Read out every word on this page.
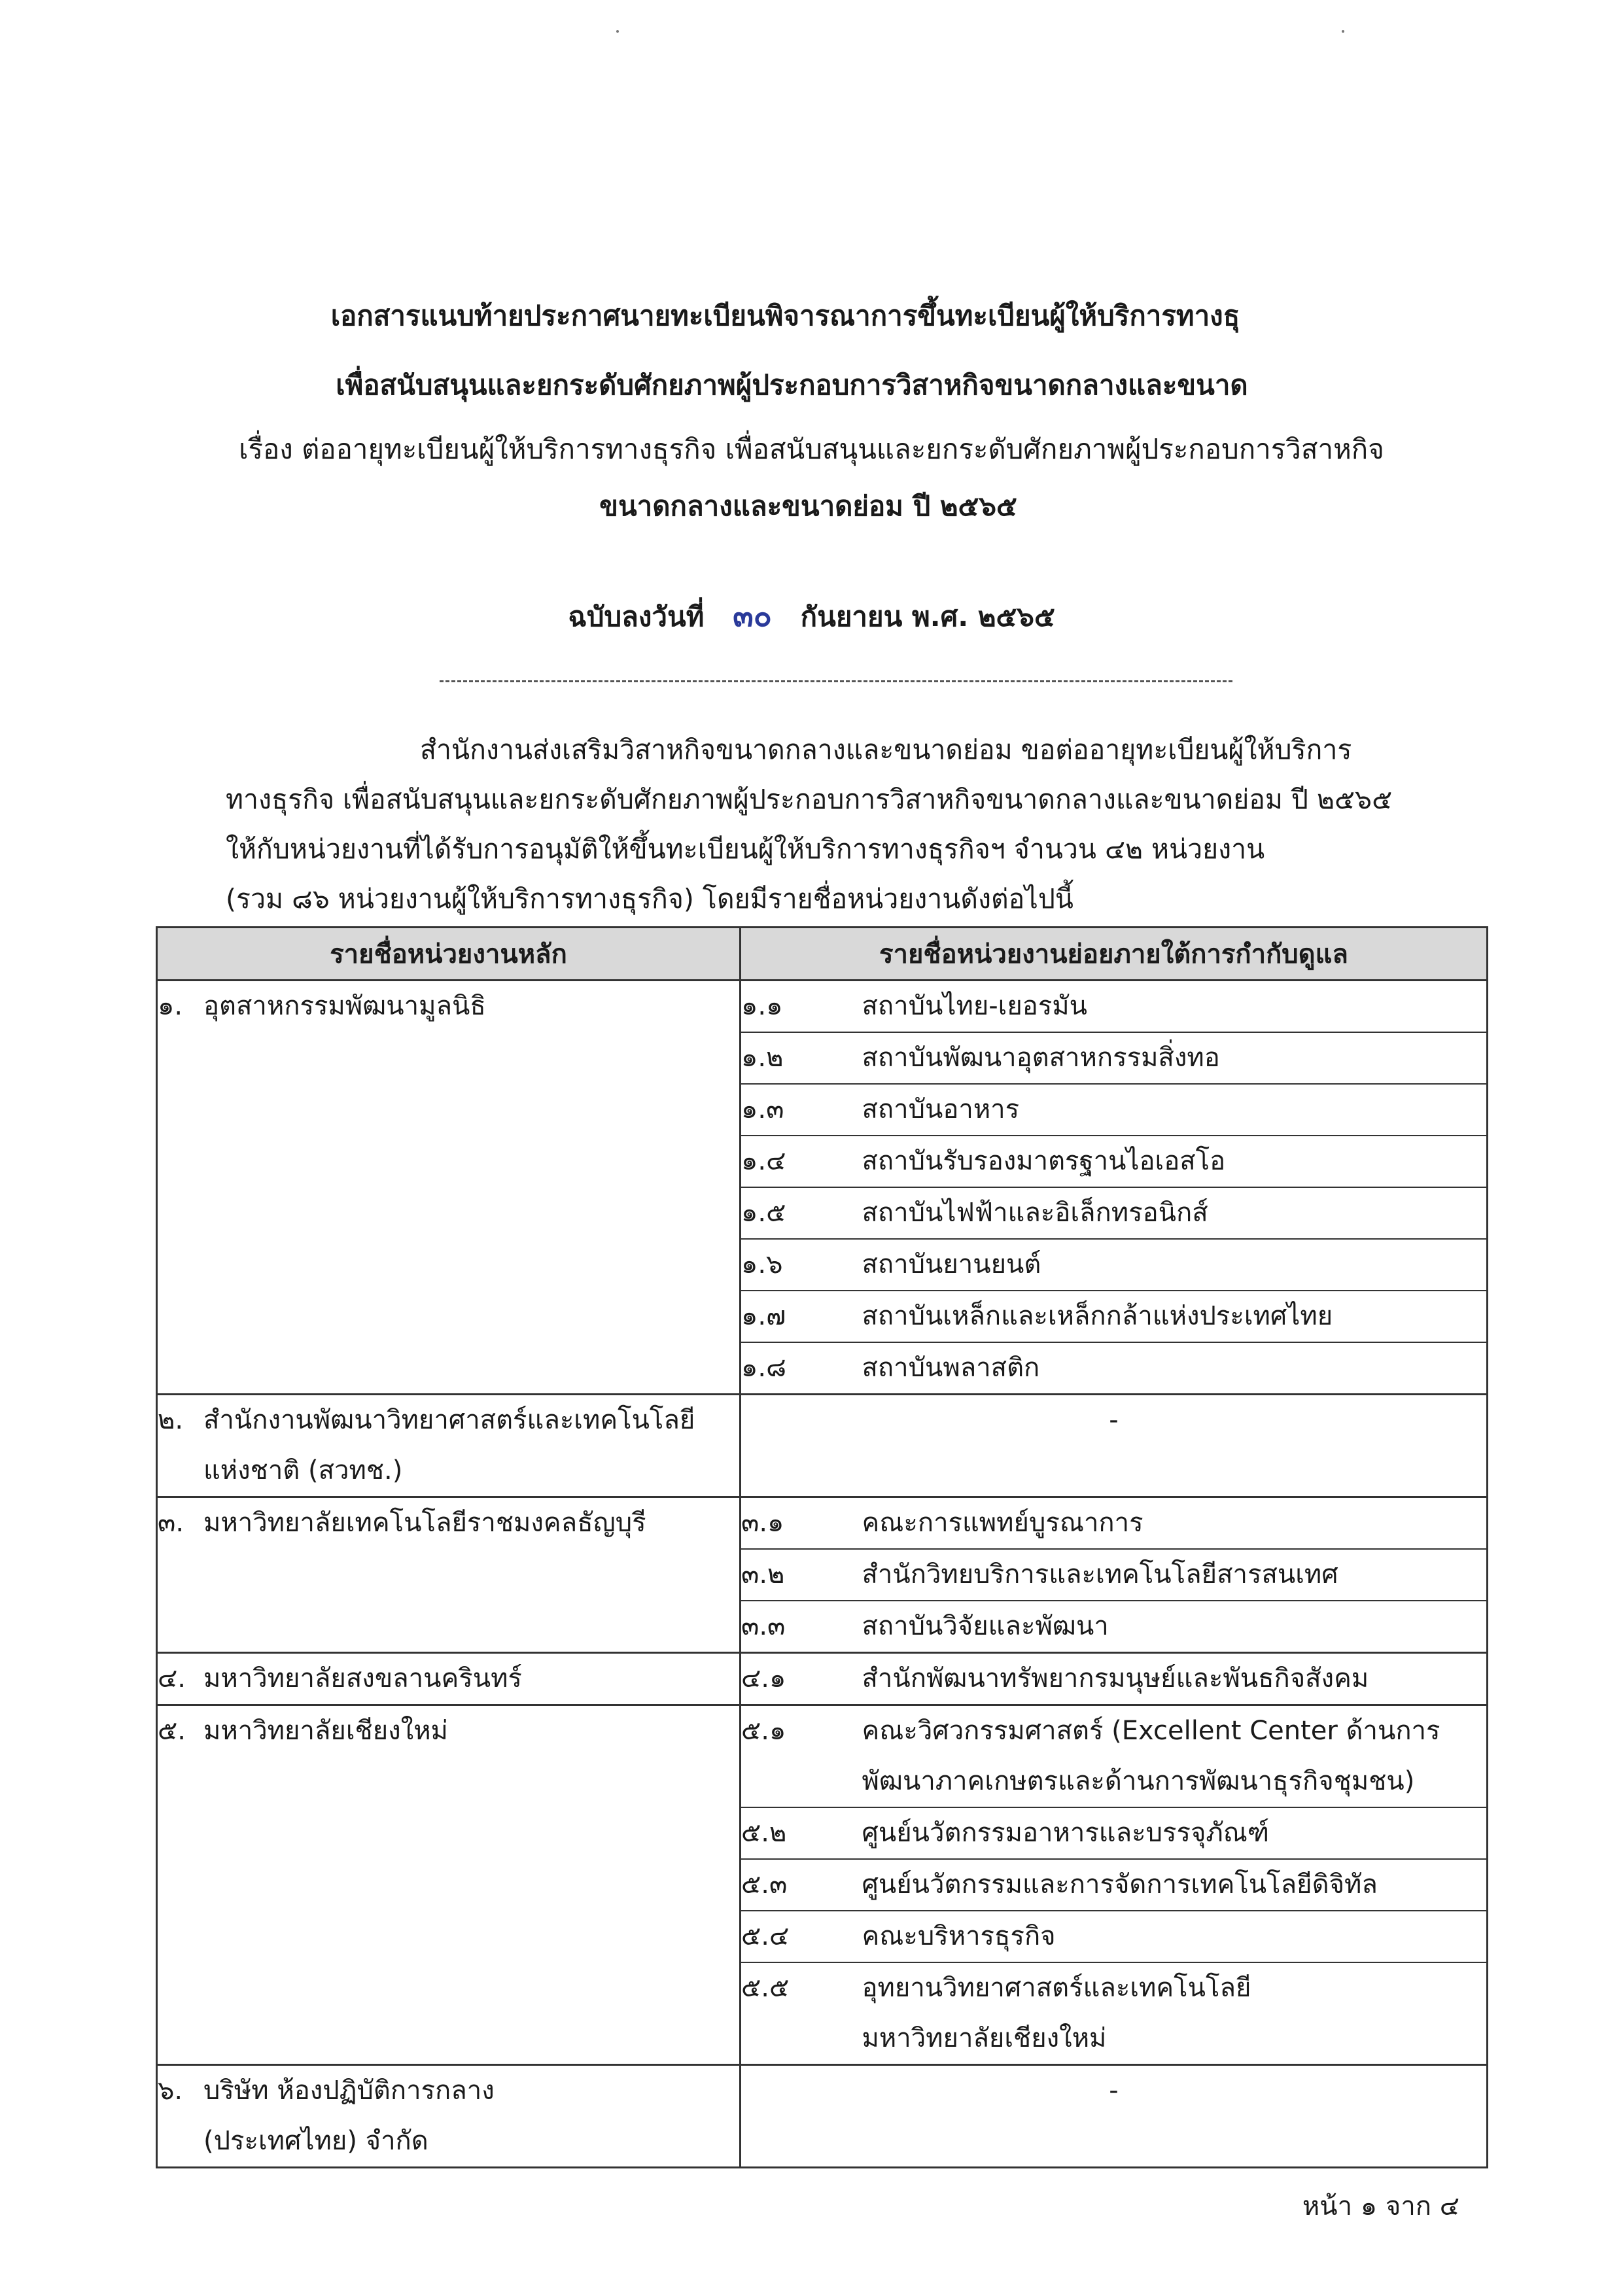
เอกสารแนบท้ายประกาศนายทะเบียนพิจารณาการขึ้นทะเบียนผู้ให้บริการทางธุ
เพื่อสนับสนุนและยกระดับศักยภาพผู้ประกอบการวิสาหกิจขนาดกลางและขนาด
เรื่อง ต่ออายุทะเบียนผู้ให้บริการทางธุรกิจ เพื่อสนับสนุนและยกระดับศักยภาพผู้ประกอบการวิสาหกิจ
ขนาดกลางและขนาดย่อม ปี ๒๕๖๕
ฉบับลงวันที่ ๓๐ กันยายน พ.ศ. ๒๕๖๕
สำนักงานส่งเสริมวิสาหกิจขนาดกลางและขนาดย่อม ขอต่ออายุทะเบียนผู้ให้บริการ
ทางธุรกิจ เพื่อสนับสนุนและยกระดับศักยภาพผู้ประกอบการวิสาหกิจขนาดกลางและขนาดย่อม ปี ๒๕๖๕
ให้กับหน่วยงานที่ได้รับการอนุมัติให้ขึ้นทะเบียนผู้ให้บริการทางธุรกิจฯ จำนวน ๔๒ หน่วยงาน
(รวม ๘๖ หน่วยงานผู้ให้บริการทางธุรกิจ) โดยมีรายชื่อหน่วยงานดังต่อไปนี้
รายชื่อหน่วยงานหลัก	รายชื่อหน่วยงานย่อยภายใต้การกำกับดูแล	

๑. อุตสาหกรรมพัฒนามูลนิธิ	๑.๑	สถาบันไทย-เยอรมัน

	๑.๒	สถาบันพัฒนาอุตสาหกรรมสิ่งทอ

	๑.๓	สถาบันอาหาร

	๑.๔	สถาบันรับรองมาตรฐานไอเอสโอ

	๑.๕	สถาบันไฟฟ้าและอิเล็กทรอนิกส์

	๑.๖	สถาบันยานยนต์

	๑.๗	สถาบันเหล็กและเหล็กกล้าแห่งประเทศไทย

	๑.๘	สถาบันพลาสติก

๒. สำนักงานพัฒนาวิทยาศาสตร์และเทคโนโลยี
แห่งชาติ (สวทช.)	-	

๓. มหาวิทยาลัยเทคโนโลยีราชมงคลธัญบุรี	๓.๑	คณะการแพทย์บูรณาการ

	๓.๒	สำนักวิทยบริการและเทคโนโลยีสารสนเทศ

	๓.๓	สถาบันวิจัยและพัฒนา

๔. มหาวิทยาลัยสงขลานครินทร์	๔.๑	สำนักพัฒนาทรัพยากรมนุษย์และพันธกิจสังคม

๕. มหาวิทยาลัยเชียงใหม่	๕.๑	คณะวิศวกรรมศาสตร์ (Excellent Center ด้านการ
พัฒนาภาคเกษตรและด้านการพัฒนาธุรกิจชุมชน)

	๕.๒	ศูนย์นวัตกรรมอาหารและบรรจุภัณฑ์

	๕.๓	ศูนย์นวัตกรรมและการจัดการเทคโนโลยีดิจิทัล

	๕.๔	คณะบริหารธุรกิจ

	๕.๕	อุทยานวิทยาศาสตร์และเทคโนโลยี
มหาวิทยาลัยเชียงใหม่

๖. บริษัท ห้องปฏิบัติการกลาง
(ประเทศไทย) จำกัด	-	
หน้า ๑ จาก ๔
